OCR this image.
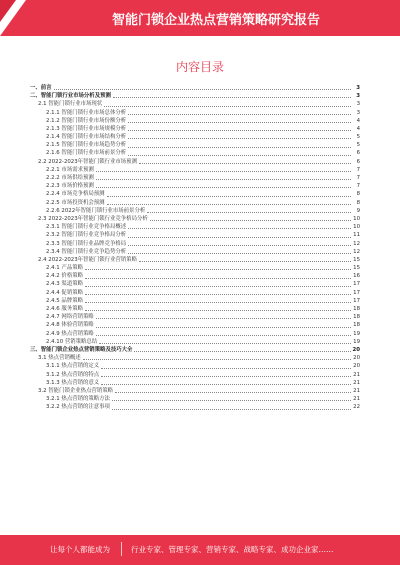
智能门锁企业热点营销策略研究报告
内容目录
一、前言	3
二、智能门锁行业市场分析及预测	3
2.1 智能门锁行业市场现状	3
2.1.1 智能门锁行业市场总体分析	3
2.1.2 智能门锁行业市场份额分析	4
2.1.3 智能门锁行业市场规模分析	4
2.1.4 智能门锁行业市场结构分析	5
2.1.5 智能门锁行业市场趋势分析	5
2.1.6 智能门锁行业市场前景分析	6
2.2 2022-2023年智能门锁行业市场预测	6
2.2.1 市场需求预测	7
2.2.2 市场供给预测	7
2.2.3 市场价格预测	7
2.2.4 市场竞争格局预测	8
2.2.5 市场投资机会预测	8
2.2.6 2022年智能门锁行业市场前景分析	9
2.3 2022-2023年智能门锁行业竞争格局分析	10
2.3.1 智能门锁行业竞争格局概述	10
2.3.2 智能门锁行业竞争格局分析	11
2.3.3 智能门锁行业品牌竞争格局	12
2.3.4 智能门锁行业竞争趋势分析	12
2.4 2022-2023年智能门锁行业营销策略	15
2.4.1 产品策略	15
2.4.2 价格策略	16
2.4.3 渠道策略	17
2.4.4 促销策略	17
2.4.5 品牌策略	17
2.4.6 服务策略	18
2.4.7 网络营销策略	18
2.4.8 体验营销策略	18
2.4.9 热点营销策略	19
2.4.10 营销策略总结	19
三、智能门锁企业热点营销策略及技巧大全	20
3.1 热点营销概述	20
3.1.1 热点营销的定义	20
3.1.2 热点营销的特点	21
3.1.3 热点营销的意义	21
3.2 智能门锁企业热点营销策略	21
3.2.1 热点营销的策略方法	21
3.2.2 热点营销的注意事项	22
让每个人都能成为	行业专家、管理专家、营销专家、战略专家、成功企业家……
